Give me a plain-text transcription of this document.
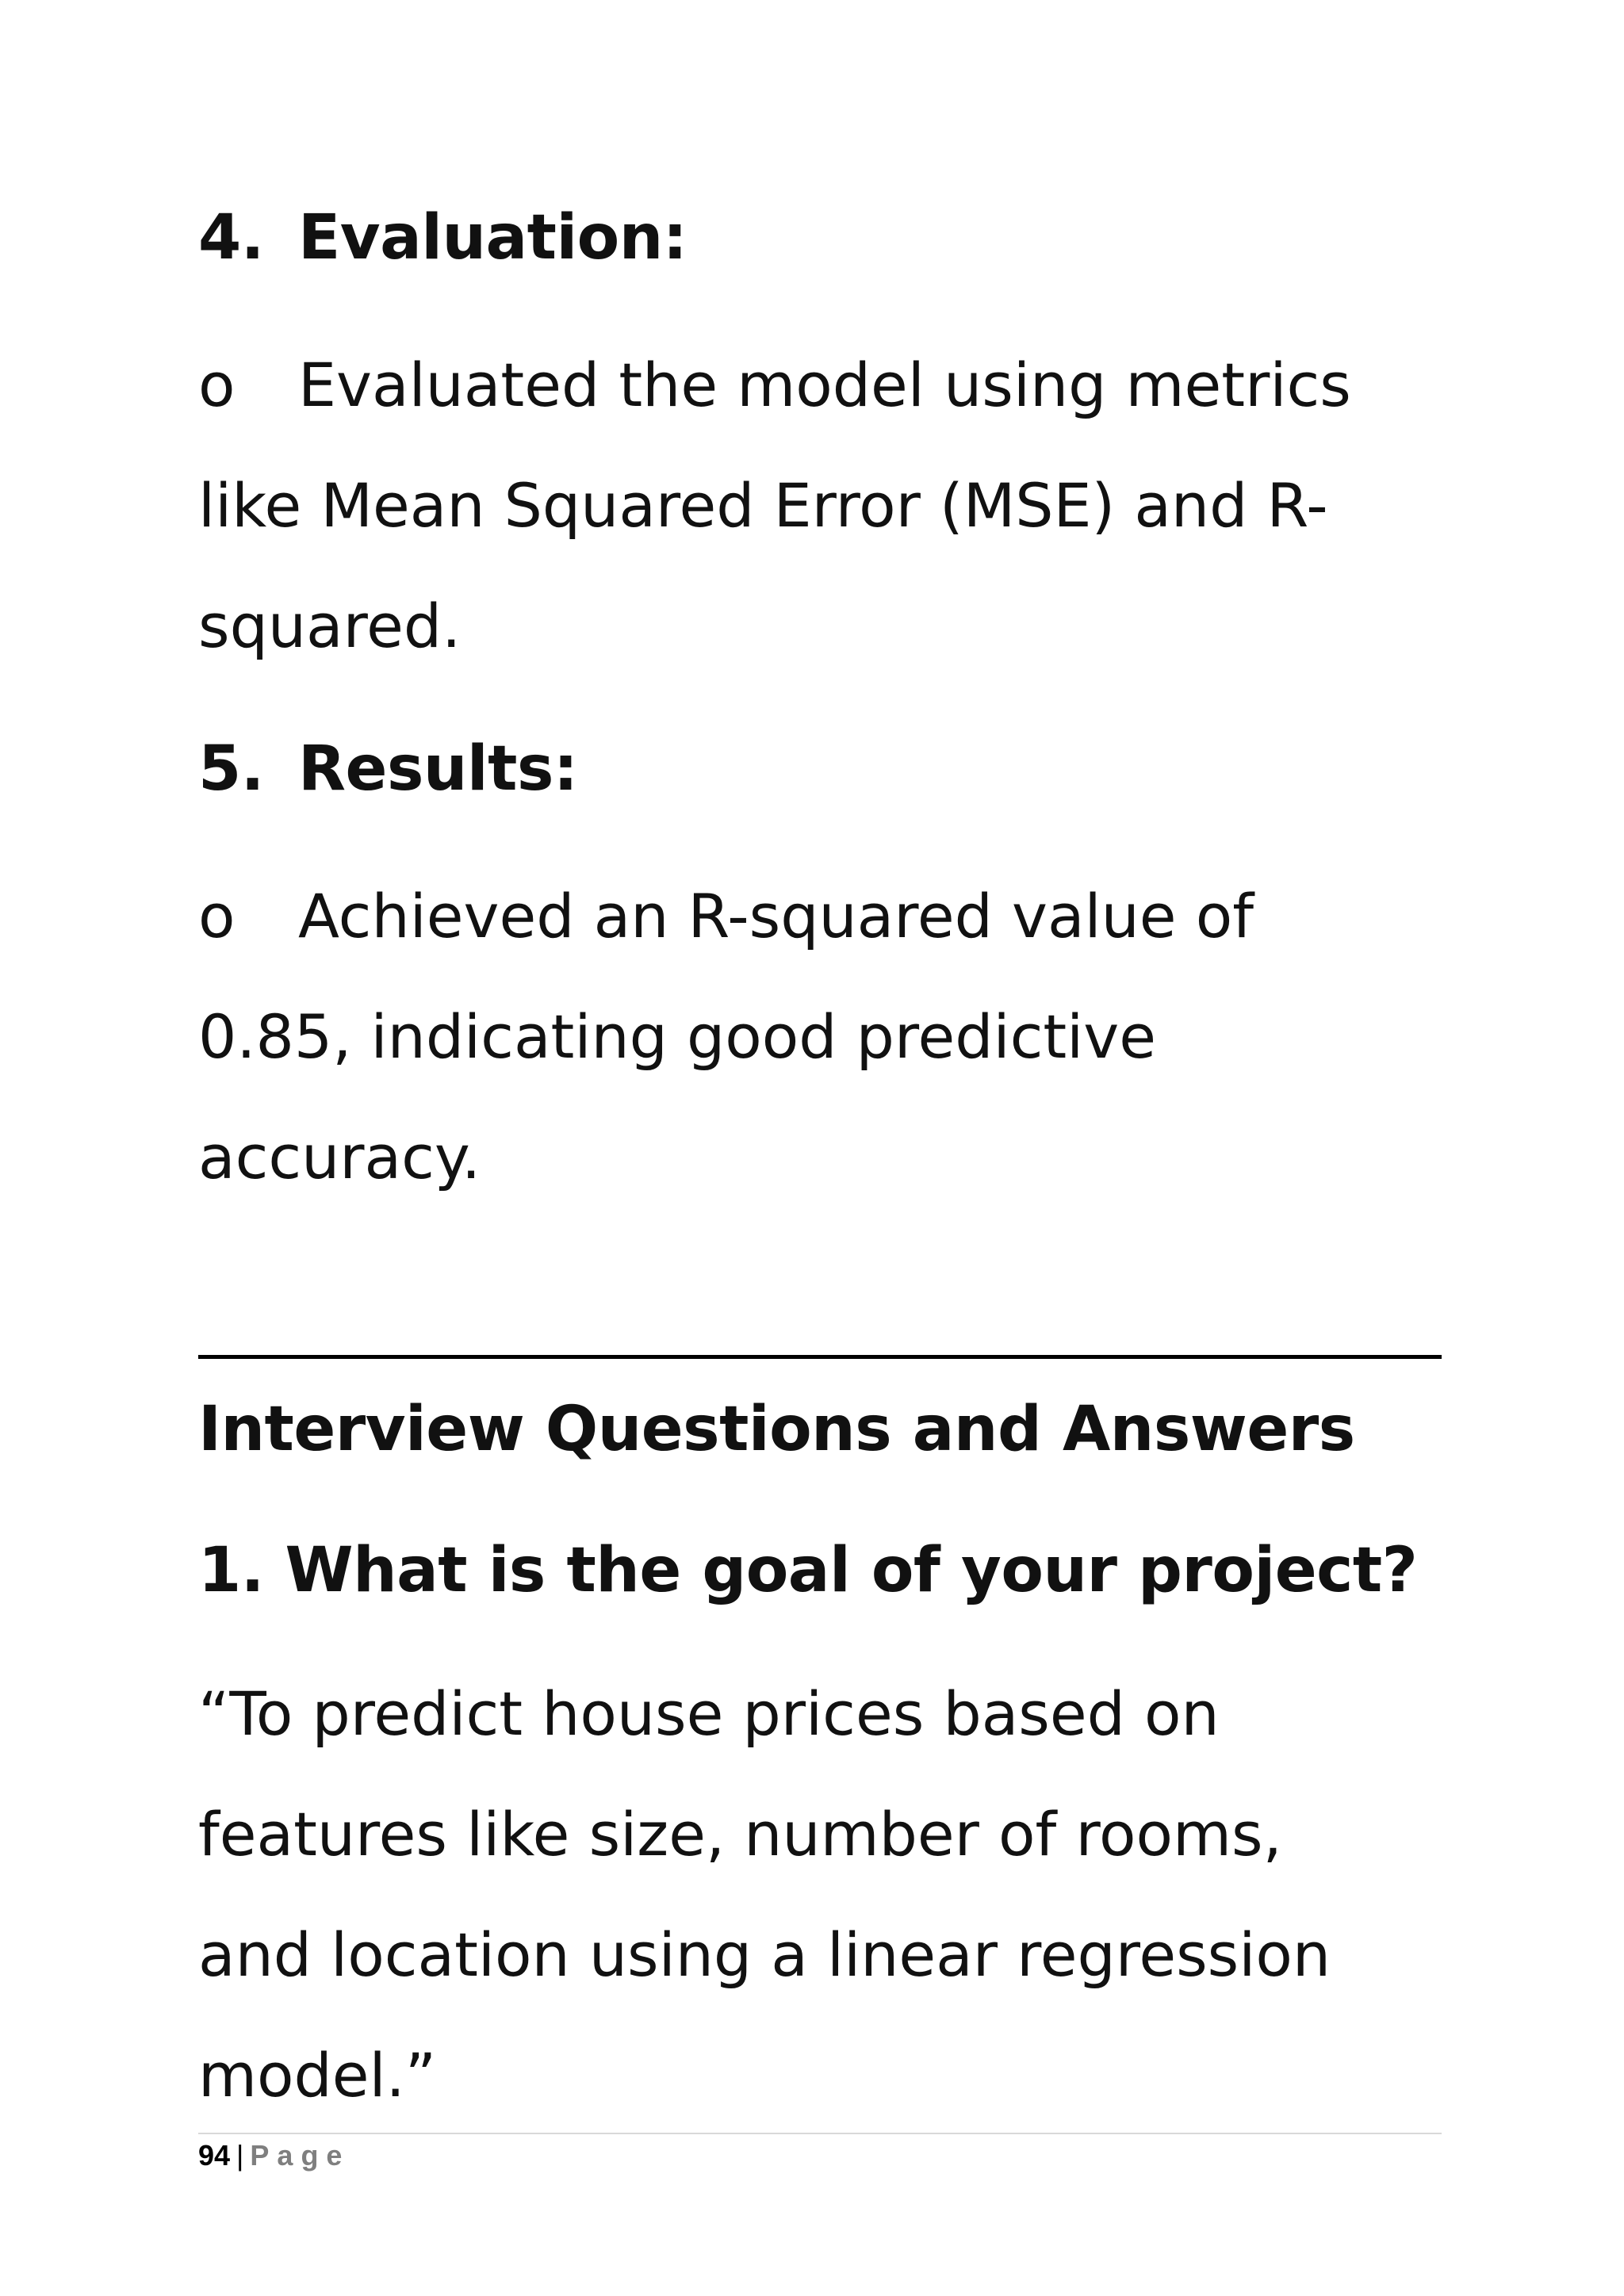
4. Evaluation:
o Evaluated the model using metrics
like Mean Squared Error (MSE) and R-
squared.
5. Results:
o Achieved an R-squared value of
0.85, indicating good predictive
accuracy.
Interview Questions and Answers
1. What is the goal of your project?
“To predict house prices based on
features like size, number of rooms,
and location using a linear regression
model.”
94 | Page
